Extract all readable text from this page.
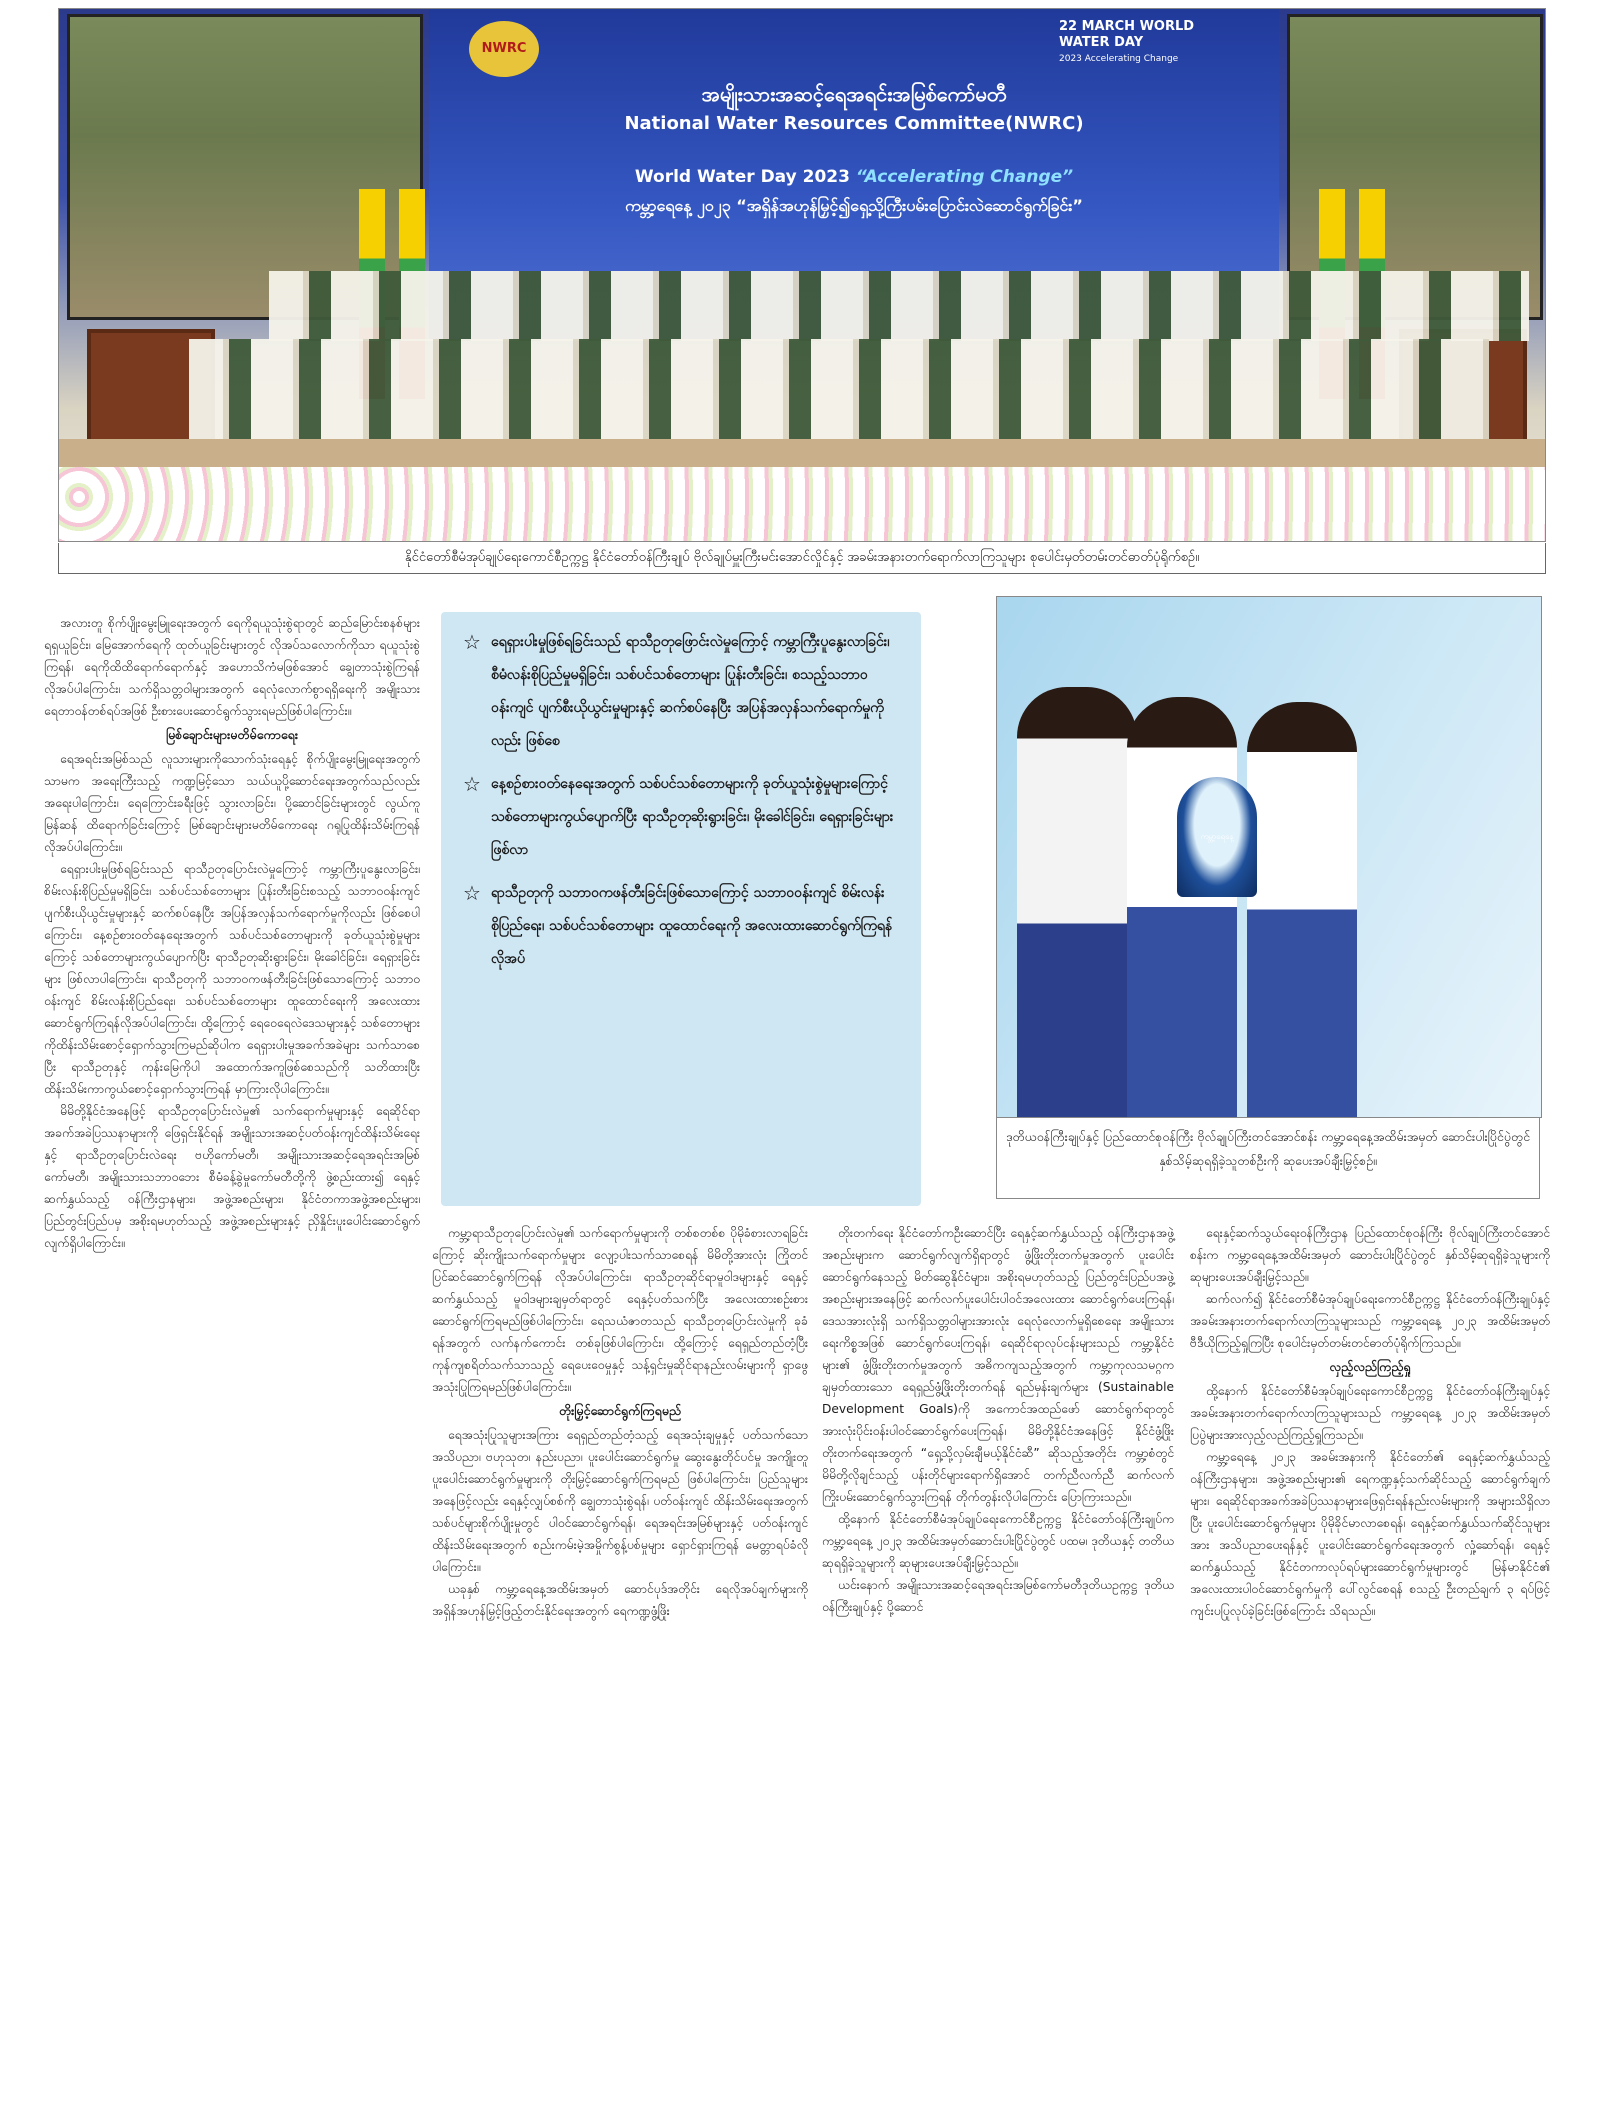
NWRC
22 MARCH WORLD WATER DAY
2023 Accelerating Change
အမျိုးသားအဆင့်ရေအရင်းအမြစ်ကော်မတီ
National Water Resources Committee(NWRC)
World Water Day 2023 “Accelerating Change”
ကမ္ဘာ့ရေနေ့ ၂၀၂၃ “အရှိန်အဟုန်မြှင့်၍ရှေ့သို့ကြီးပမ်းပြောင်းလဲဆောင်ရွက်ခြင်း”
နိုင်ငံတော်စီမံအုပ်ချုပ်ရေးကောင်စီဥက္ကဋ္ဌ နိုင်ငံတော်ဝန်ကြီးချုပ် ဗိုလ်ချုပ်မှူးကြီးမင်းအောင်လှိုင်နှင့် အခမ်းအနားတက်ရောက်လာကြသူများ စုပေါင်းမှတ်တမ်းတင်ဓာတ်ပုံရိုက်စဉ်။

အလားတူ စိုက်ပျိုးမွေးမြူရေးအတွက် ရေကိုရယူသုံးစွဲရာတွင် ဆည်မြောင်းစနစ်များရရှယူခြင်း၊ မြေအောက်ရေကို ထုတ်ယူခြင်းများတွင် လိုအပ်သလောက်ကိုသာ ရယူသုံးစွဲကြရန်၊ ရေကိုထိထိရောက်ရောက်နှင့် အဟောသိကံမဖြစ်အောင် ချွေတာသုံးစွဲကြရန် လိုအပ်ပါကြောင်း၊ သက်ရှိသတ္တဝါများအတွက် ရေလုံလောက်စွာရရှိရေးကို အမျိုးသားရေတာဝန်တစ်ရပ်အဖြစ် ဦးစားပေးဆောင်ရွက်သွားရမည်ဖြစ်ပါကြောင်း။

မြစ်ချောင်းများမတိမ်ကောရေး

ရေအရင်းအမြစ်သည် လူသားများကိုသောက်သုံးရေနှင့် စိုက်ပျိုးမွေးမြူရေးအတွက် သာမက အရေးကြီးသည့် ကဏ္ဍမြင့်သော သယ်ယူပို့ဆောင်ရေးအတွက်သည်လည်း အရေးပါကြောင်း၊ ရေကြောင်းခရီးဖြင့် သွားလာခြင်း၊ ပို့ဆောင်ခြင်းများတွင် လွယ်ကူမြန်ဆန် ထိရောက်ခြင်းကြောင့် မြစ်ချောင်းများမတိမ်ကောရေး ဂရုပြုထိန်းသိမ်းကြရန် လိုအပ်ပါကြောင်း။

ရေရှားပါးမှုဖြစ်ရခြင်းသည် ရာသီဥတုပြောင်းလဲမှုကြောင့် ကမ္ဘာကြီးပူနွေးလာခြင်း၊ စိမ်းလန်းစိုပြည်မှုမရှိခြင်း၊ သစ်ပင်သစ်တောများ ပြုန်းတီးခြင်းစသည့် သဘာဝဝန်းကျင် ပျက်စီးယိုယွင်းမှုများနှင့် ဆက်စပ်နေပြီး အပြန်အလှန်သက်ရောက်မှုကိုလည်း ဖြစ်စေပါကြောင်း၊ နေ့စဉ်စားဝတ်နေရေးအတွက် သစ်ပင်သစ်တောများကို ခုတ်ယူသုံးစွဲမှုများကြောင့် သစ်တောများကွယ်ပျောက်ပြီး ရာသီဥတုဆိုးရွားခြင်း၊ မိုးခေါင်ခြင်း၊ ရေရှားခြင်းများ ဖြစ်လာပါကြောင်း၊ ရာသီဥတုကို သဘာဝကဖန်တီးခြင်းဖြစ်သောကြောင့် သဘာဝဝန်းကျင် စိမ်းလန်းစိုပြည်ရေး၊ သစ်ပင်သစ်တောများ ထူထောင်ရေးကို အလေးထားဆောင်ရွက်ကြရန်လိုအပ်ပါကြောင်း၊ ထို့ကြောင့် ရေဝေရေလဲဒေသများနှင့် သစ်တောများကိုထိန်းသိမ်းစောင့်ရှောက်သွားကြမည်ဆိုပါက ရေရှားပါးမှုအခက်အခဲများ သက်သာစေပြီး ရာသီဥတုနှင့် ကုန်းမြေကိုပါ အထောက်အကူဖြစ်စေသည်ကို သတိထားပြီး ထိန်းသိမ်းကာကွယ်စောင့်ရှောက်သွားကြရန် မှာကြားလိုပါကြောင်း။

မိမိတို့နိုင်ငံအနေဖြင့် ရာသီဥတုပြောင်းလဲမှု၏ သက်ရောက်မှုများနှင့် ရေဆိုင်ရာ အခက်အခဲပြဿနာများကို ဖြေရှင်းနိုင်ရန် အမျိုးသားအဆင့်ပတ်ဝန်းကျင်ထိန်းသိမ်းရေးနှင့် ရာသီဥတုပြောင်းလဲရေး ဗဟိုကော်မတီ၊ အမျိုးသားအဆင့်ရေအရင်းအမြစ်ကော်မတီ၊ အမျိုးသားသဘာဝဘေး စီမံခန့်ခွဲမှုကော်မတီတို့ကို ဖွဲ့စည်းထား၍ ရေနှင့်ဆက်နွှယ်သည့် ဝန်ကြီးဌာနများ၊ အဖွဲ့အစည်းများ၊ နိုင်ငံတကာအဖွဲ့အစည်းများ၊ ပြည်တွင်းပြည်ပမှ အစိုးရမဟုတ်သည့် အဖွဲ့အစည်းများနှင့် ညှိနှိုင်းပူးပေါင်းဆောင်ရွက်လျက်ရှိပါကြောင်း။

☆ ရေရှားပါးမှုဖြစ်ရခြင်းသည် ရာသီဥတုဖြောင်းလဲမှုကြောင့် ကမ္ဘာကြီးပူနွေးလာခြင်း၊ စီမံလန်းစိုပြည်မှုမရှိခြင်း၊ သစ်ပင်သစ်တောများ ပြုန်းတီးခြင်း၊ စသည့်သဘာဝဝန်းကျင် ပျက်စီးယိုယွင်းမှုများနှင့် ဆက်စပ်နေပြီး အပြန်အလှန်သက်ရောက်မှုကိုလည်း ဖြစ်စေ
☆ နေ့စဉ်စားဝတ်နေရေးအတွက် သစ်ပင်သစ်တောများကို ခုတ်ယူသုံးစွဲမှုများကြောင့် သစ်တောများကွယ်ပျောက်ပြီး ရာသီဥတုဆိုးရွားခြင်း၊ မိုးခေါင်ခြင်း၊ ရေရှားခြင်းများ ဖြစ်လာ
☆ ရာသီဥတုကို သဘာဝကဖန်တီးခြင်းဖြစ်သောကြောင့် သဘာဝဝန်းကျင် စိမ်းလန်းစိုပြည်ရေး၊ သစ်ပင်သစ်တောများ ထူထောင်ရေးကို အလေးထားဆောင်ရွက်ကြရန် လိုအပ်
ကမ္ဘာ့ရေနေ့
ဒုတိယဝန်ကြီးချုပ်နှင့် ပြည်ထောင်စုဝန်ကြီး ဗိုလ်ချုပ်ကြီးတင်အောင်စန်း ကမ္ဘာ့ရေနေ့အထိမ်းအမှတ် ဆောင်းပါးပြိုင်ပွဲတွင် နှစ်သိမ့်ဆုရရှိခဲ့သူတစ်ဦးကို ဆုပေးအပ်ချီးမြှင့်စဉ်။

ကမ္ဘာ့ရာသီဥတုပြောင်းလဲမှု၏ သက်ရောက်မှုများကို တစ်စတစ်စ ပိုမိုခံစားလာရခြင်းကြောင့် ဆိုးကျိုးသက်ရောက်မှုများ လျော့ပါးသက်သာစေရန် မိမိတို့အားလုံး ကြိုတင်ပြင်ဆင်ဆောင်ရွက်ကြရန် လိုအပ်ပါကြောင်း၊ ရာသီဥတုဆိုင်ရာမူဝါဒများနှင့် ရေနှင့်ဆက်နွှယ်သည့် မူဝါဒများချမှတ်ရာတွင် ရေနှင့်ပတ်သက်ပြီး အလေးထားစဉ်းစား ဆောင်ရွက်ကြရမည်ဖြစ်ပါကြောင်း၊ ရေသယံဇာတသည် ရာသီဥတုပြောင်းလဲမှုကို ခုခံရန်အတွက် လက်နက်ကောင်း တစ်ခုဖြစ်ပါကြောင်း၊ ထို့ကြောင့် ရေရှည်တည်တံ့ပြီး ကုန်ကျစရိတ်သက်သာသည့် ရေပေးဝေမှုနှင့် သန့်ရှင်းမှုဆိုင်ရာနည်းလမ်းများကို ရှာဖွေအသုံးပြုကြရမည်ဖြစ်ပါကြောင်း။

တိုးမြှင့်ဆောင်ရွက်ကြရမည်

ရေအသုံးပြုသူများအကြား ရေရှည်တည်တံ့သည့် ရေအသုံးချမှုနှင့် ပတ်သက်သော အသိပညာ၊ ဗဟုသုတ၊ နည်းပညာ၊ ပူးပေါင်းဆောင်ရွက်မှု ဆွေးနွေးတိုင်ပင်မှု အကျိုးတူပူးပေါင်းဆောင်ရွက်မှုများကို တိုးမြှင့်ဆောင်ရွက်ကြရမည် ဖြစ်ပါကြောင်း၊ ပြည်သူများအနေဖြင့်လည်း ရေနှင့်လျှပ်စစ်ကို ချွေတာသုံးစွဲရန်၊ ပတ်ဝန်းကျင် ထိန်းသိမ်းရေးအတွက် သစ်ပင်များစိုက်ပျိုးမှုတွင် ပါဝင်ဆောင်ရွက်ရန်၊ ရေအရင်းအမြစ်များနှင့် ပတ်ဝန်းကျင်ထိန်းသိမ်းရေးအတွက် စည်းကမ်းမဲ့အမှိုက်စွန့်ပစ်မှုများ ရှောင်ရှားကြရန် မေတ္တာရပ်ခံလိုပါကြောင်း။

ယခုနှစ် ကမ္ဘာ့ရေနေ့အထိမ်းအမှတ် ဆောင်ပုဒ်အတိုင်း ရေလိုအပ်ချက်များကို အရှိန်အဟုန်မြှင့်ဖြည့်တင်းနိုင်ရေးအတွက် ရေကဏ္ဍဖွံ့ဖြိုး

တိုးတက်ရေး နိုင်ငံတော်ကဦးဆောင်ပြီး ရေနှင့်ဆက်နွှယ်သည့် ဝန်ကြီးဌာနအဖွဲ့အစည်းများက ဆောင်ရွက်လျက်ရှိရာတွင် ဖွံ့ဖြိုးတိုးတက်မှုအတွက် ပူးပေါင်းဆောင်ရွက်နေသည့် မိတ်ဆွေနိုင်ငံများ၊ အစိုးရမဟုတ်သည့် ပြည်တွင်းပြည်ပအဖွဲ့အစည်းများအနေဖြင့် ဆက်လက်ပူးပေါင်းပါဝင်အလေးထား ဆောင်ရွက်ပေးကြရန်၊ ဒေသအားလုံးရှိ သက်ရှိသတ္တဝါများအားလုံး ရေလုံလောက်မှုရှိစေရေး အမျိုးသားရေးကိစ္စအဖြစ် ဆောင်ရွက်ပေးကြရန်၊ ရေဆိုင်ရာလုပ်ငန်းများသည် ကမ္ဘာ့နိုင်ငံများ၏ ဖွံ့ဖြိုးတိုးတက်မှုအတွက် အဓိကကျသည့်အတွက် ကမ္ဘာ့ကုလသမဂ္ဂက ချမှတ်ထားသော ရေရှည်ဖွံ့ဖြိုးတိုးတက်ရန် ရည်မှန်းချက်များ (Sustainable Development Goals)ကို အကောင်အထည်ဖော် ဆောင်ရွက်ရာတွင် အားလုံးပိုင်းဝန်းပါဝင်ဆောင်ရွက်ပေးကြရန်၊ မိမိတို့နိုင်ငံအနေဖြင့် နိုင်ငံဖွံ့ဖြိုးတိုးတက်ရေးအတွက် “ရှေ့သို့လှမ်းချီမယ့်နိုင်ငံဆီ” ဆိုသည့်အတိုင်း ကမ္ဘာ့စံတွင် မိမိတို့လိုချင်သည့် ပန်းတိုင်များရောက်ရှိအောင် တက်ညီလက်ညီ ဆက်လက်ကြိုးပမ်းဆောင်ရွက်သွားကြရန် တိုက်တွန်းလိုပါကြောင်း ပြောကြားသည်။

ထို့နောက် နိုင်ငံတော်စီမံအုပ်ချုပ်ရေးကောင်စီဥက္ကဋ္ဌ နိုင်ငံတော်ဝန်ကြီးချုပ်က ကမ္ဘာ့ရေနေ့ ၂၀၂၃ အထိမ်းအမှတ်ဆောင်းပါးပြိုင်ပွဲတွင် ပထမ၊ ဒုတိယနှင့် တတိယဆုရရှိခဲ့သူများကို ဆုများပေးအပ်ချီးမြှင့်သည်။

ယင်းနောက် အမျိုးသားအဆင့်ရေအရင်းအမြစ်ကော်မတီဒုတိယဥက္ကဋ္ဌ ဒုတိယဝန်ကြီးချုပ်နှင့် ပို့ဆောင်

ရေးနှင့်ဆက်သွယ်ရေးဝန်ကြီးဌာန ပြည်ထောင်စုဝန်ကြီး ဗိုလ်ချုပ်ကြီးတင်အောင်စန်းက ကမ္ဘာ့ရေနေ့အထိမ်းအမှတ် ဆောင်းပါးပြိုင်ပွဲတွင် နှစ်သိမ့်ဆုရရှိခဲ့သူများကို ဆုများပေးအပ်ချီးမြှင့်သည်။

ဆက်လက်၍ နိုင်ငံတော်စီမံအုပ်ချုပ်ရေးကောင်စီဥက္ကဋ္ဌ နိုင်ငံတော်ဝန်ကြီးချုပ်နှင့် အခမ်းအနားတက်ရောက်လာကြသူများသည် ကမ္ဘာ့ရေနေ့ ၂၀၂၃ အထိမ်းအမှတ် ဗီဒီယိုကြည့်ရှုကြပြီး စုပေါင်းမှတ်တမ်းတင်ဓာတ်ပုံရိုက်ကြသည်။

လှည့်လည်ကြည့်ရှု

ထို့နောက် နိုင်ငံတော်စီမံအုပ်ချုပ်ရေးကောင်စီဥက္ကဋ္ဌ နိုင်ငံတော်ဝန်ကြီးချုပ်နှင့် အခမ်းအနားတက်ရောက်လာကြသူများသည် ကမ္ဘာ့ရေနေ့ ၂၀၂၃ အထိမ်းအမှတ် ပြပွဲများအားလှည့်လည်ကြည့်ရှုကြသည်။

ကမ္ဘာ့ရေနေ့ ၂၀၂၃ အခမ်းအနားကို နိုင်ငံတော်၏ ရေနှင့်ဆက်နွှယ်သည့် ဝန်ကြီးဌာနများ၊ အဖွဲ့အစည်းများ၏ ရေကဏ္ဍနှင့်သက်ဆိုင်သည့် ဆောင်ရွက်ချက်များ၊ ရေဆိုင်ရာအခက်အခဲပြဿနာများဖြေရှင်းရန်နည်းလမ်းများကို အများသိရှိလာပြီး ပူးပေါင်းဆောင်ရွက်မှုများ ပိုမိုခိုင်မာလာစေရန်၊ ရေနှင့်ဆက်နွှယ်သက်ဆိုင်သူများအား အသိပညာပေးရန်နှင့် ပူးပေါင်းဆောင်ရွက်ရေးအတွက် လှုံ့ဆော်ရန်၊ ရေနှင့်ဆက်နွှယ်သည့် နိုင်ငံတကာလုပ်ရပ်များဆောင်ရွက်မှုများတွင် မြန်မာနိုင်ငံ၏ အလေးထားပါဝင်ဆောင်ရွက်မှုကို ပေါ်လွင်စေရန် စသည့် ဦးတည်ချက် ၃ ရပ်ဖြင့် ကျင်းပပြုလုပ်ခဲ့ခြင်းဖြစ်ကြောင်း သိရသည်။
